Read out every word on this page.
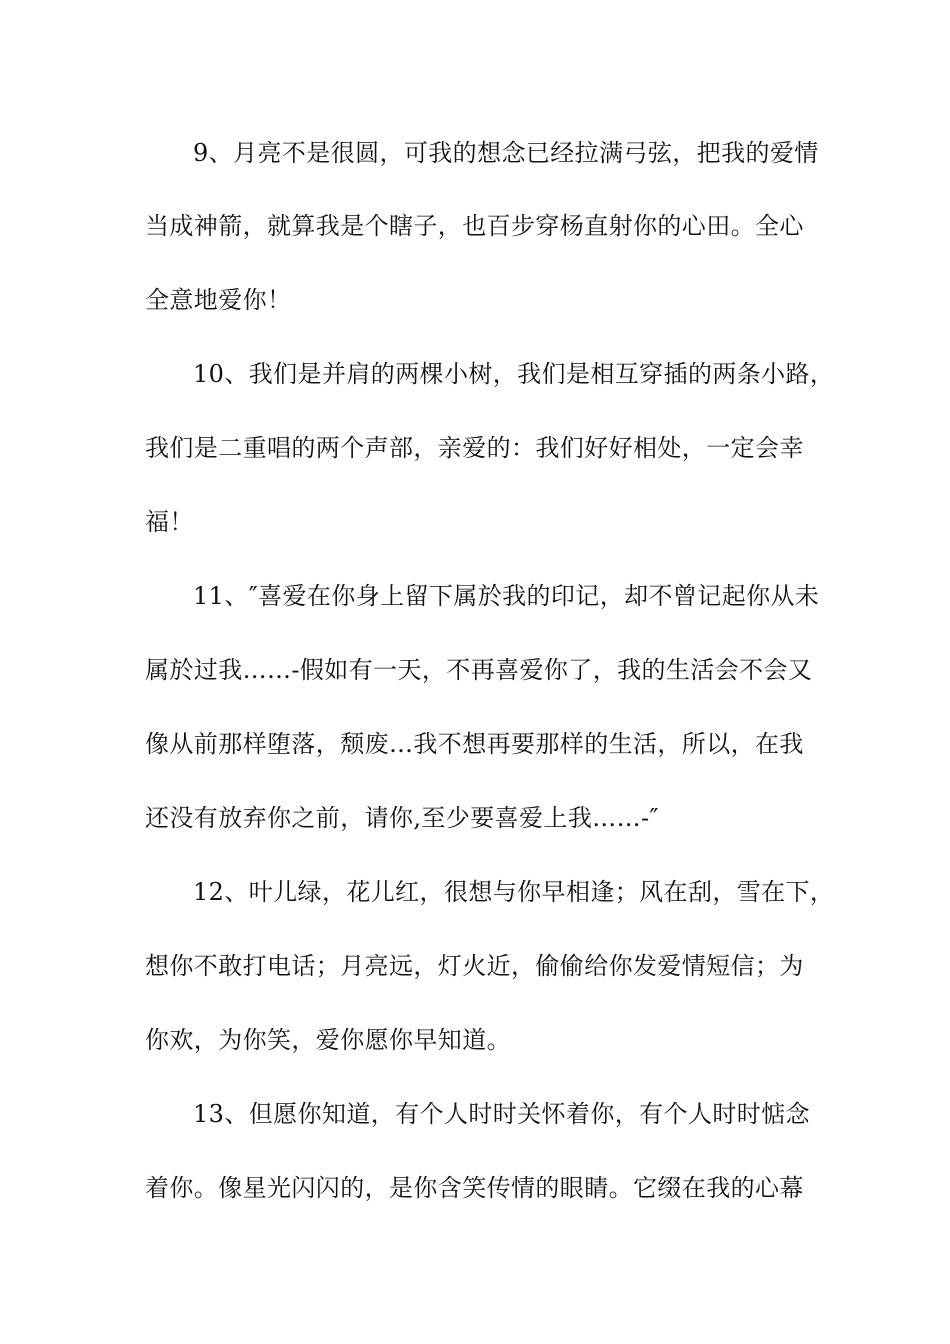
9、月亮不是很圆，可我的想念已经拉满弓弦，把我的爱情

当成神箭，就算我是个瞎子，也百步穿杨直射你的心田。全心

全意地爱你！

10、我们是并肩的两棵小树，我们是相互穿插的两条小路，

我们是二重唱的两个声部，亲爱的：我们好好相处，一定会幸

福！

11、″喜爱在你身上留下属於我的印记，却不曾记起你从未

属於过我……-假如有一天，不再喜爱你了，我的生活会不会又

像从前那样堕落，颓废…我不想再要那样的生活，所以，在我

还没有放弃你之前，请你,至少要喜爱上我……-″

12、叶儿绿，花儿红，很想与你早相逢；风在刮，雪在下，

想你不敢打电话；月亮远，灯火近，偷偷给你发爱情短信；为

你欢，为你笑，爱你愿你早知道。

13、但愿你知道，有个人时时关怀着你，有个人时时惦念

着你。像星光闪闪的，是你含笑传情的眼睛。它缀在我的心幕
